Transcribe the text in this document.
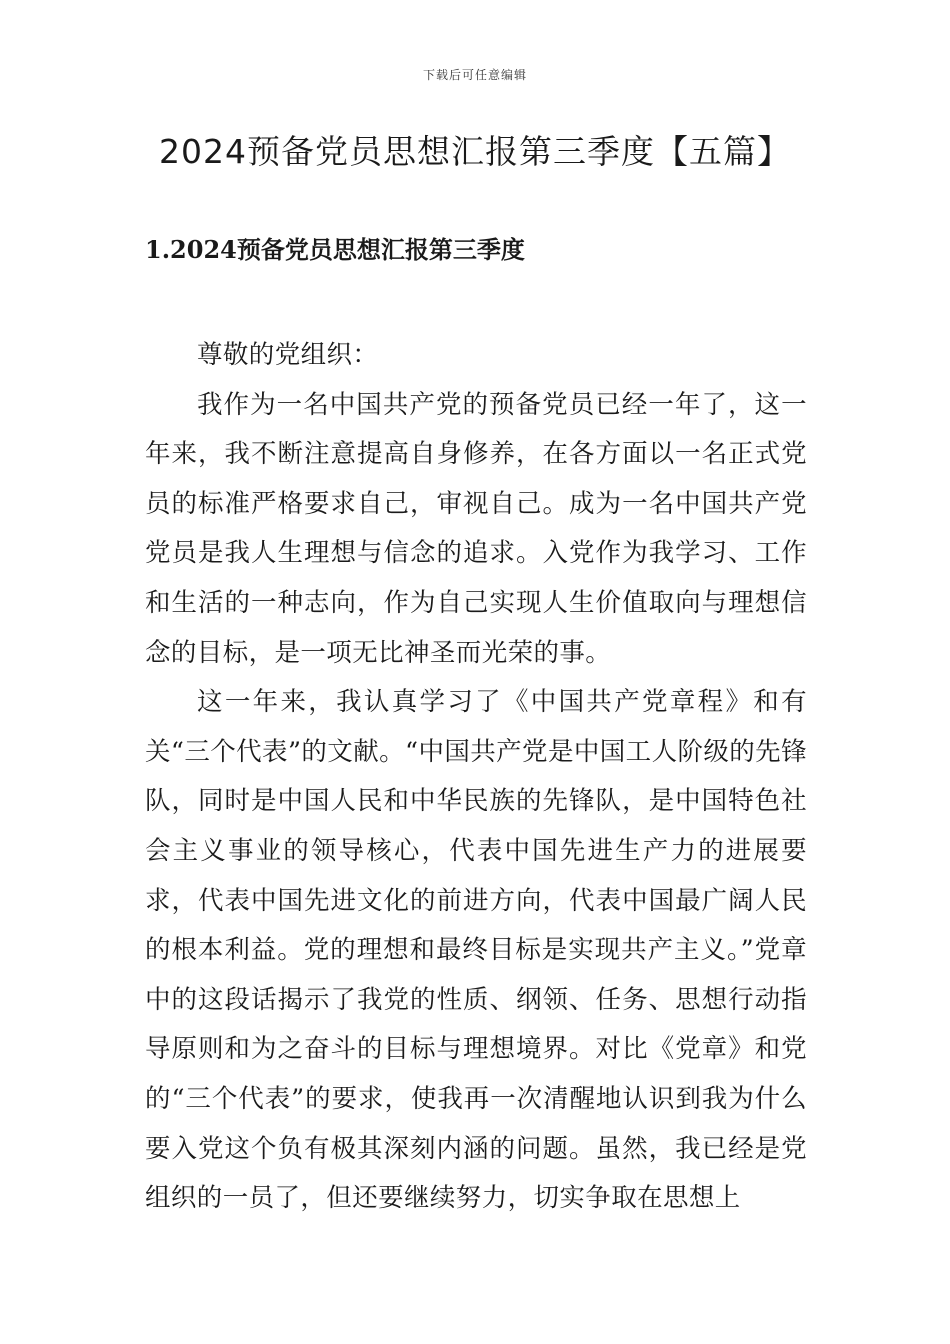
下载后可任意编辑
2024预备党员思想汇报第三季度【五篇】
1.2024预备党员思想汇报第三季度

尊敬的党组织：

我作为一名中国共产党的预备党员已经一年了，这一年来，我不断注意提高自身修养，在各方面以一名正式党员的标准严格要求自己，审视自己。成为一名中国共产党党员是我人生理想与信念的追求。入党作为我学习、工作和生活的一种志向，作为自己实现人生价值取向与理想信念的目标，是一项无比神圣而光荣的事。

这一年来，我认真学习了《中国共产党章程》和有关“三个代表”的文献。“中国共产党是中国工人阶级的先锋队，同时是中国人民和中华民族的先锋队，是中国特色社会主义事业的领导核心，代表中国先进生产力的进展要求，代表中国先进文化的前进方向，代表中国最广阔人民的根本利益。党的理想和最终目标是实现共产主义。”党章中的这段话揭示了我党的性质、纲领、任务、思想行动指导原则和为之奋斗的目标与理想境界。对比《党章》和党的“三个代表”的要求，使我再一次清醒地认识到我为什么要入党这个负有极其深刻内涵的问题。虽然，我已经是党组织的一员了，但还要继续努力，切实争取在思想上
